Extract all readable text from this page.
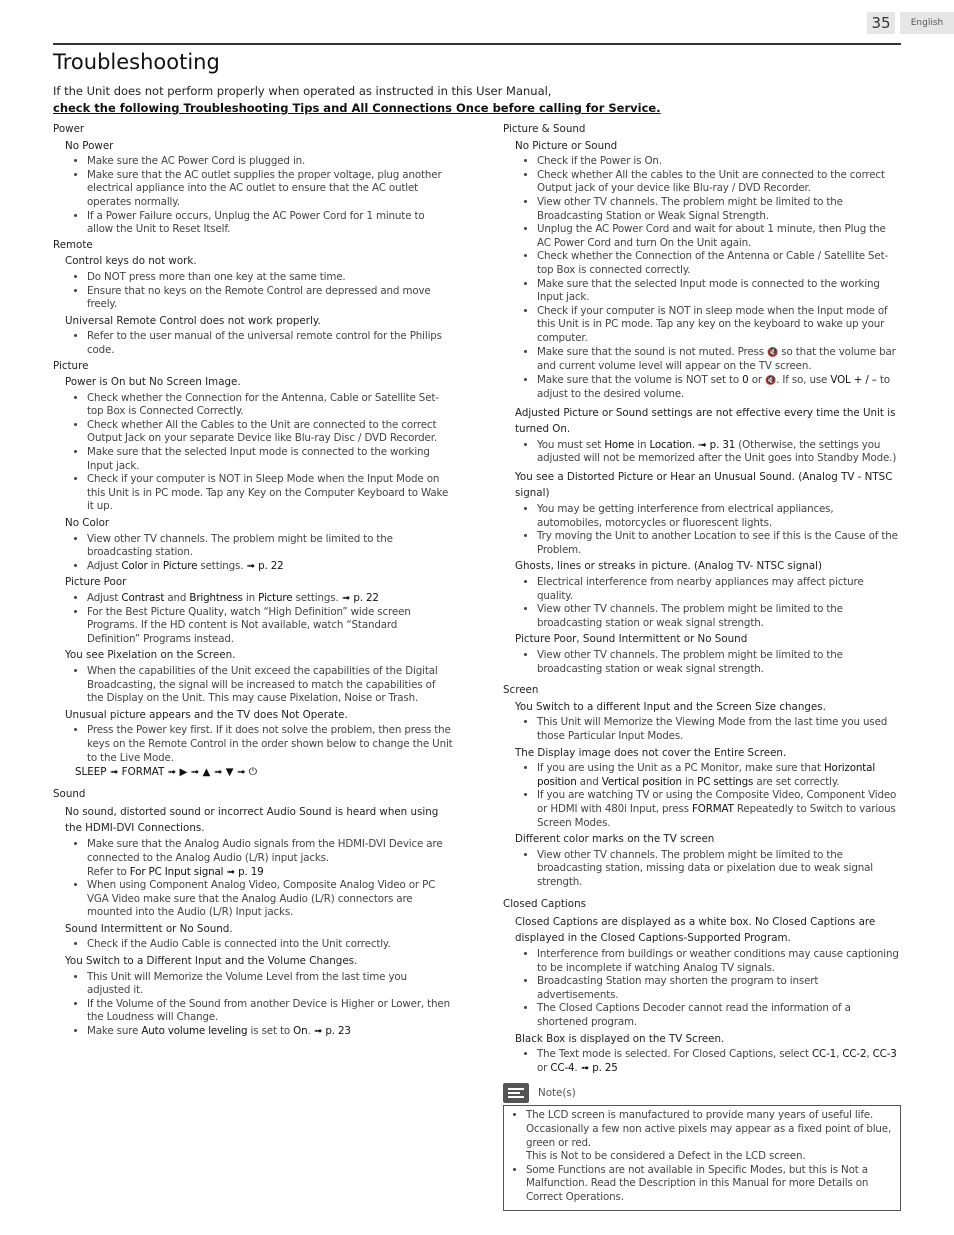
35	English
Troubleshooting
If the Unit does not perform properly when operated as instructed in this User Manual,
check the following Troubleshooting Tips and All Connections Once before calling for Service.
Power
No Power
• Make sure the AC Power Cord is plugged in.
• Make sure that the AC outlet supplies the proper voltage, plug another electrical appliance into the AC outlet to ensure that the AC outlet operates normally.
• If a Power Failure occurs, Unplug the AC Power Cord for 1 minute to allow the Unit to Reset Itself.
Remote
Control keys do not work.
• Do NOT press more than one key at the same time.
• Ensure that no keys on the Remote Control are depressed and move freely.
Universal Remote Control does not work properly.
• Refer to the user manual of the universal remote control for the Philips code.
Picture
Power is On but No Screen Image.
• Check whether the Connection for the Antenna, Cable or Satellite Set-top Box is Connected Correctly.
• Check whether All the Cables to the Unit are connected to the correct Output Jack on your separate Device like Blu-ray Disc / DVD Recorder.
• Make sure that the selected Input mode is connected to the working Input jack.
• Check if your computer is NOT in Sleep Mode when the Input Mode on this Unit is in PC mode. Tap any Key on the Computer Keyboard to Wake it up.
No Color
• View other TV channels. The problem might be limited to the broadcasting station.
• Adjust Color in Picture settings. ➟ p. 22
Picture Poor
• Adjust Contrast and Brightness in Picture settings. ➟ p. 22
• For the Best Picture Quality, watch “High Definition” wide screen Programs. If the HD content is Not available, watch “Standard Definition” Programs instead.
You see Pixelation on the Screen.
• When the capabilities of the Unit exceed the capabilities of the Digital Broadcasting, the signal will be increased to match the capabilities of the Display on the Unit. This may cause Pixelation, Noise or Trash.
Unusual picture appears and the TV does Not Operate.
• Press the Power key first. If it does not solve the problem, then press the keys on the Remote Control in the order shown below to change the Unit to the Live Mode.
SLEEP ➟ FORMAT ➟ ▶ ➟ ▲ ➟ ▼ ➟ ⏻
Sound
No sound, distorted sound or incorrect Audio Sound is heard when using the HDMI-DVI Connections.
• Make sure that the Analog Audio signals from the HDMI-DVI Device are connected to the Analog Audio (L/R) input jacks.
Refer to For PC Input signal ➟ p. 19
• When using Component Analog Video, Composite Analog Video or PC VGA Video make sure that the Analog Audio (L/R) connectors are mounted into the Audio (L/R) Input jacks.
Sound Intermittent or No Sound.
• Check if the Audio Cable is connected into the Unit correctly.
You Switch to a Different Input and the Volume Changes.
• This Unit will Memorize the Volume Level from the last time you adjusted it.
• If the Volume of the Sound from another Device is Higher or Lower, then the Loudness will Change.
• Make sure Auto volume leveling is set to On. ➟ p. 23
Picture & Sound
No Picture or Sound
• Check if the Power is On.
• Check whether All the cables to the Unit are connected to the correct Output jack of your device like Blu-ray / DVD Recorder.
• View other TV channels. The problem might be limited to the Broadcasting Station or Weak Signal Strength.
• Unplug the AC Power Cord and wait for about 1 minute, then Plug the AC Power Cord and turn On the Unit again.
• Check whether the Connection of the Antenna or Cable / Satellite Set-top Box is connected correctly.
• Make sure that the selected Input mode is connected to the working Input jack.
• Check if your computer is NOT in sleep mode when the Input mode of this Unit is in PC mode. Tap any key on the keyboard to wake up your computer.
• Make sure that the sound is not muted. Press 🔇 so that the volume bar and current volume level will appear on the TV screen.
• Make sure that the volume is NOT set to 0 or 🔇. If so, use VOL + / – to adjust to the desired volume.
Adjusted Picture or Sound settings are not effective every time the Unit is turned On.
• You must set Home in Location. ➟ p. 31 (Otherwise, the settings you adjusted will not be memorized after the Unit goes into Standby Mode.)
You see a Distorted Picture or Hear an Unusual Sound. (Analog TV - NTSC signal)
• You may be getting interference from electrical appliances, automobiles, motorcycles or fluorescent lights.
• Try moving the Unit to another Location to see if this is the Cause of the Problem.
Ghosts, lines or streaks in picture. (Analog TV- NTSC signal)
• Electrical interference from nearby appliances may affect picture quality.
• View other TV channels. The problem might be limited to the broadcasting station or weak signal strength.
Picture Poor, Sound Intermittent or No Sound
• View other TV channels. The problem might be limited to the broadcasting station or weak signal strength.
Screen
You Switch to a different Input and the Screen Size changes.
• This Unit will Memorize the Viewing Mode from the last time you used those Particular Input Modes.
The Display image does not cover the Entire Screen.
• If you are using the Unit as a PC Monitor, make sure that Horizontal position and Vertical position in PC settings are set correctly.
• If you are watching TV or using the Composite Video, Component Video or HDMI with 480i Input, press FORMAT Repeatedly to Switch to various Screen Modes.
Different color marks on the TV screen
• View other TV channels. The problem might be limited to the broadcasting station, missing data or pixelation due to weak signal strength.
Closed Captions
Closed Captions are displayed as a white box. No Closed Captions are displayed in the Closed Captions-Supported Program.
• Interference from buildings or weather conditions may cause captioning to be incomplete if watching Analog TV signals.
• Broadcasting Station may shorten the program to insert advertisements.
• The Closed Captions Decoder cannot read the information of a shortened program.
Black Box is displayed on the TV Screen.
• The Text mode is selected. For Closed Captions, select CC-1, CC-2, CC-3 or CC-4. ➟ p. 25
Note(s)
• The LCD screen is manufactured to provide many years of useful life. Occasionally a few non active pixels may appear as a fixed point of blue, green or red.
This is Not to be considered a Defect in the LCD screen.
• Some Functions are not available in Specific Modes, but this is Not a Malfunction. Read the Description in this Manual for more Details on Correct Operations.
